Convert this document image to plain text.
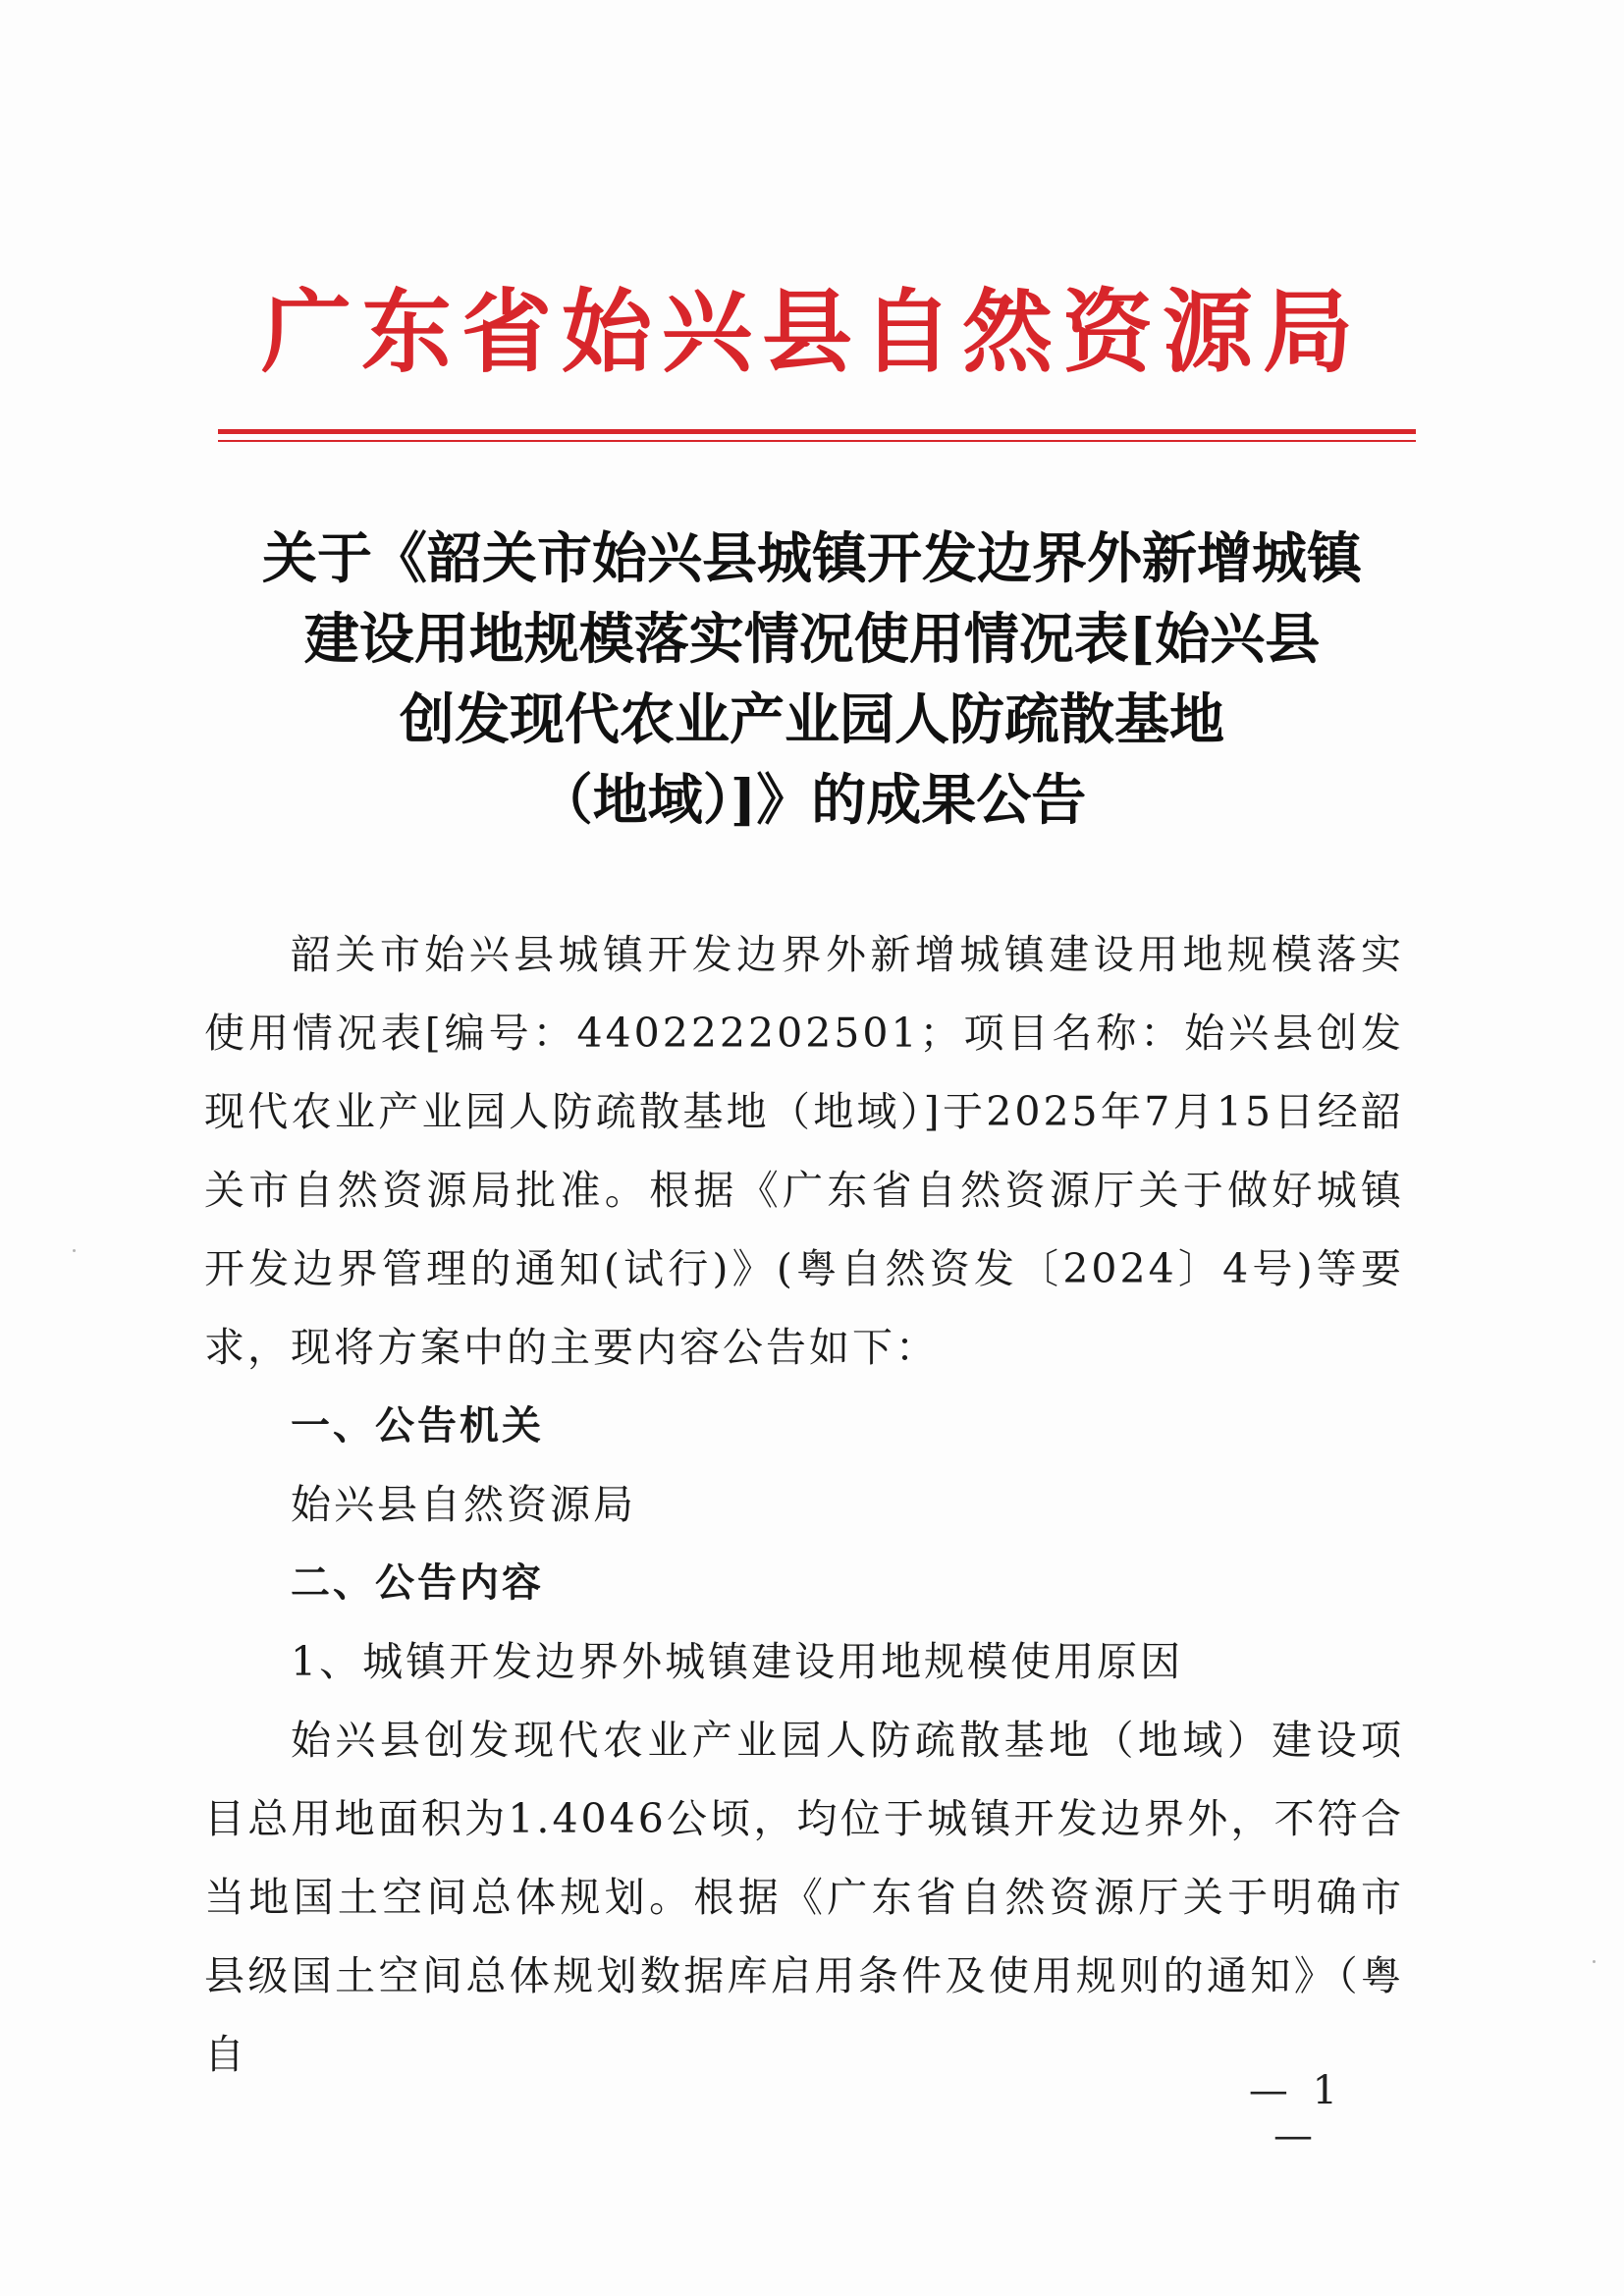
广东省始兴县自然资源局
关于《韶关市始兴县城镇开发边界外新增城镇
建设用地规模落实情况使用情况表[始兴县
创发现代农业产业园人防疏散基地
（地域）]》的成果公告

韶关市始兴县城镇开发边界外新增城镇建设用地规模落实使用情况表[编号：440222202501；项目名称：始兴县创发现代农业产业园人防疏散基地（地域）]于2025年7月15日经韶关市自然资源局批准。根据《广东省自然资源厅关于做好城镇开发边界管理的通知(试行)》(粤自然资发〔2024〕4号)等要求，现将方案中的主要内容公告如下：

一、公告机关

始兴县自然资源局

二、公告内容

1、城镇开发边界外城镇建设用地规模使用原因

始兴县创发现代农业产业园人防疏散基地（地域）建设项目总用地面积为1.4046公顷，均位于城镇开发边界外，不符合当地国土空间总体规划。根据《广东省自然资源厅关于明确市县级国土空间总体规划数据库启用条件及使用规则的通知》（粤自

— 1 —
